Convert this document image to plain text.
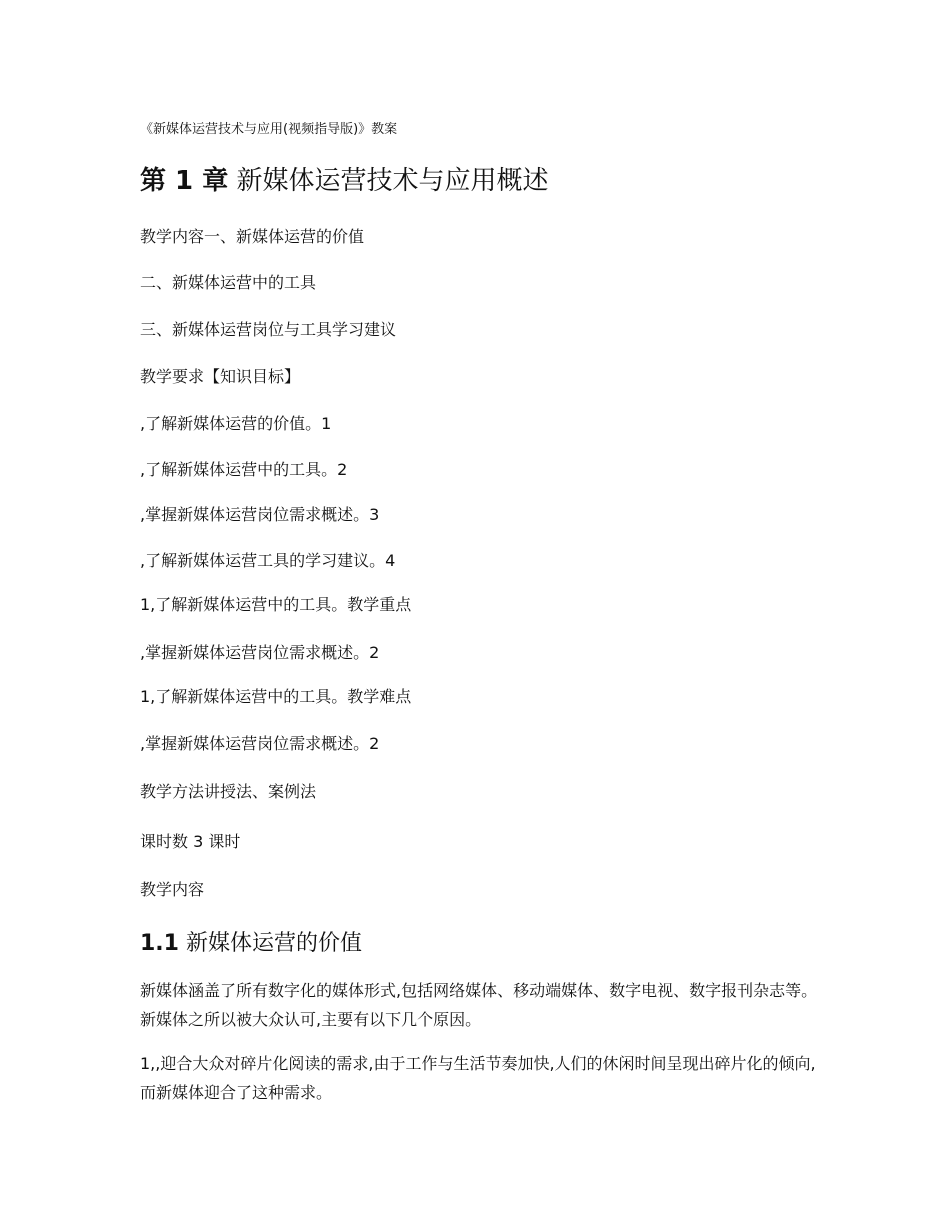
《新媒体运营技术与应用(视频指导版)》教案
第 1 章 新媒体运营技术与应用概述
教学内容一、新媒体运营的价值
二、新媒体运营中的工具
三、新媒体运营岗位与工具学习建议
教学要求【知识目标】
,了解新媒体运营的价值。1
,了解新媒体运营中的工具。2
,掌握新媒体运营岗位需求概述。3
,了解新媒体运营工具的学习建议。4
1,了解新媒体运营中的工具。教学重点
,掌握新媒体运营岗位需求概述。2
1,了解新媒体运营中的工具。教学难点
,掌握新媒体运营岗位需求概述。2
教学方法讲授法、案例法
课时数 3 课时
教学内容
1.1 新媒体运营的价值
新媒体涵盖了所有数字化的媒体形式,包括网络媒体、移动端媒体、数字电视、数字报刊杂志等。新媒体之所以被大众认可,主要有以下几个原因。
1,,迎合大众对碎片化阅读的需求,由于工作与生活节奏加快,人们的休闲时间呈现出碎片化的倾向,而新媒体迎合了这种需求。
